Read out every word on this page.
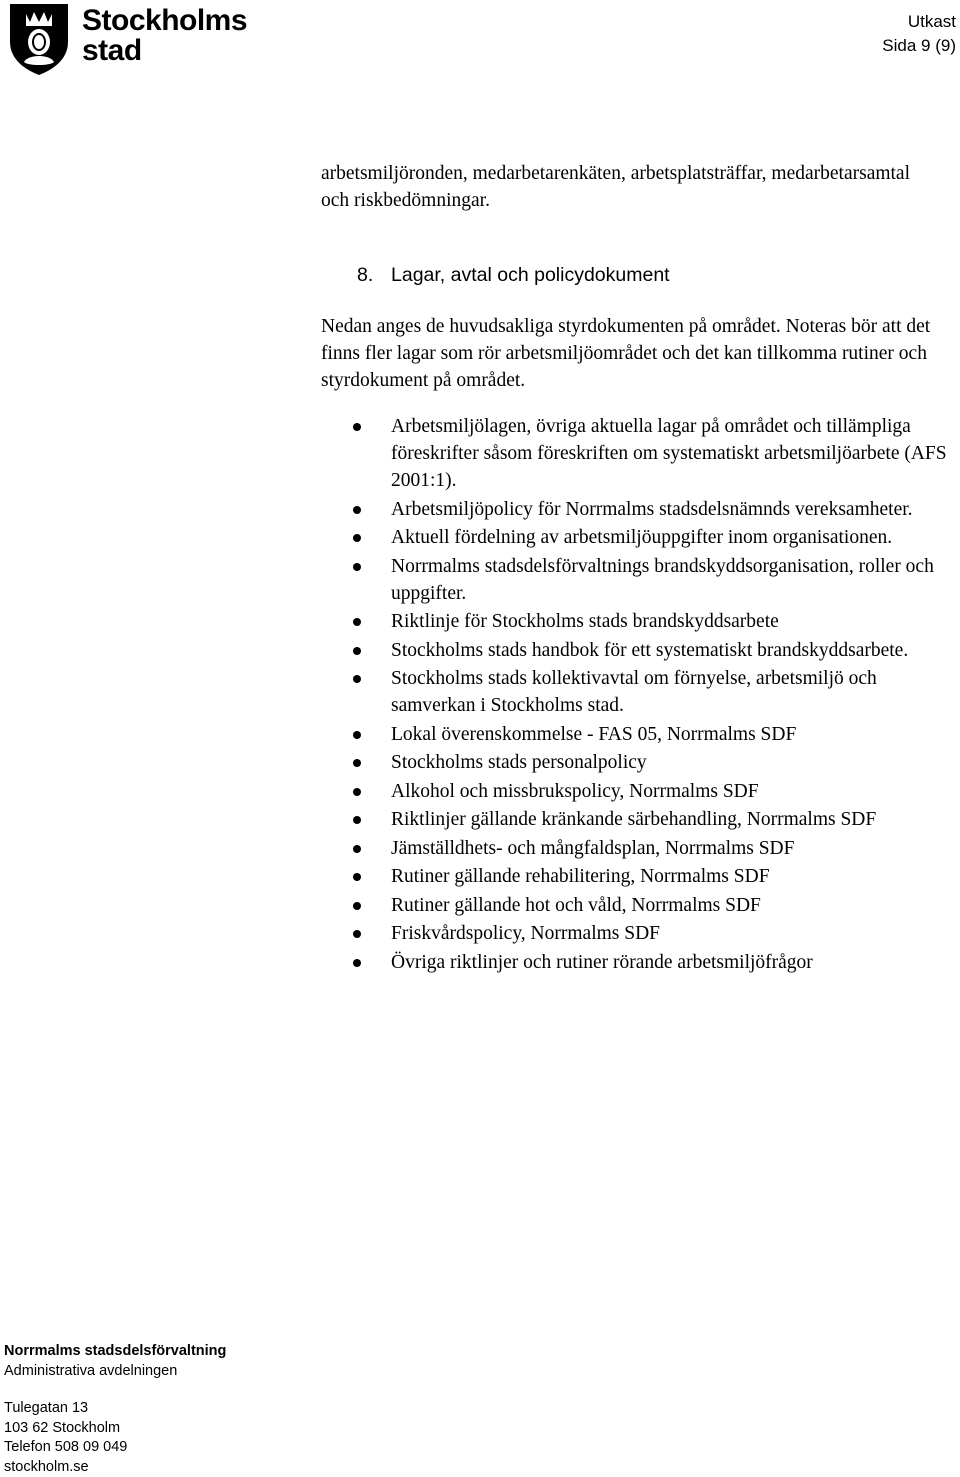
Stockholms
stad
Utkast
Sida 9 (9)

arbetsmiljöronden, medarbetarenkäten, arbetsplatsträffar, medarbetarsamtal och riskbedömningar.

8. Lagar, avtal och policydokument

Nedan anges de huvudsakliga styrdokumenten på området. Noteras bör att det finns fler lagar som rör arbetsmiljöområdet och det kan tillkomma rutiner och styrdokument på området.

Arbetsmiljölagen, övriga aktuella lagar på området och tillämpliga föreskrifter såsom föreskriften om systematiskt arbetsmiljöarbete (AFS 2001:1).
Arbetsmiljöpolicy för Norrmalms stadsdelsnämnds vereksamheter.
Aktuell fördelning av arbetsmiljöuppgifter inom organisationen.
Norrmalms stadsdelsförvaltnings brandskyddsorganisation, roller och uppgifter.
Riktlinje för Stockholms stads brandskyddsarbete
Stockholms stads handbok för ett systematiskt brandskyddsarbete.
Stockholms stads kollektivavtal om förnyelse, arbetsmiljö och samverkan i Stockholms stad.
Lokal överenskommelse - FAS 05, Norrmalms SDF
Stockholms stads personalpolicy
Alkohol och missbrukspolicy, Norrmalms SDF
Riktlinjer gällande kränkande särbehandling, Norrmalms SDF
Jämställdhets- och mångfaldsplan, Norrmalms SDF
Rutiner gällande rehabilitering, Norrmalms SDF
Rutiner gällande hot och våld, Norrmalms SDF
Friskvårdspolicy, Norrmalms SDF
Övriga riktlinjer och rutiner rörande arbetsmiljöfrågor
Norrmalms stadsdelsförvaltning
Administrativa avdelningen
Tulegatan 13
103 62 Stockholm
Telefon 508 09 049
stockholm.se
